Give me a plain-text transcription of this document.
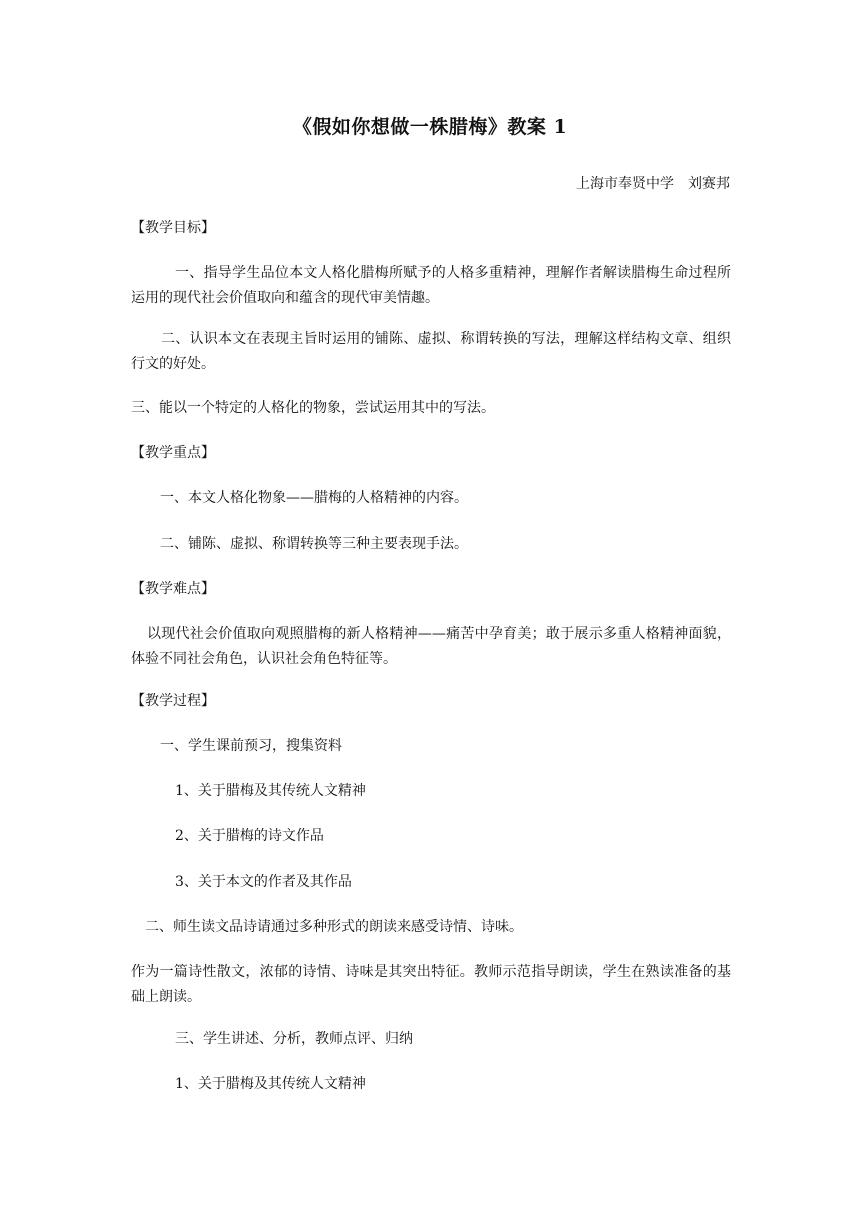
《假如你想做一株腊梅》教案 1
上海市奉贤中学　刘赛邦
【教学目标】
一、指导学生品位本文人格化腊梅所赋予的人格多重精神，理解作者解读腊梅生命过程所运用的现代社会价值取向和蕴含的现代审美情趣。
二、认识本文在表现主旨时运用的铺陈、虚拟、称谓转换的写法，理解这样结构文章、组织行文的好处。
三、能以一个特定的人格化的物象，尝试运用其中的写法。
【教学重点】
一、本文人格化物象——腊梅的人格精神的内容。
二、铺陈、虚拟、称谓转换等三种主要表现手法。
【教学难点】
以现代社会价值取向观照腊梅的新人格精神——痛苦中孕育美；敢于展示多重人格精神面貌，体验不同社会角色，认识社会角色特征等。
【教学过程】
一、学生课前预习，搜集资料
1、关于腊梅及其传统人文精神
2、关于腊梅的诗文作品
3、关于本文的作者及其作品
二、师生读文品诗请通过多种形式的朗读来感受诗情、诗味。
作为一篇诗性散文，浓郁的诗情、诗味是其突出特征。教师示范指导朗读，学生在熟读准备的基础上朗读。
三、学生讲述、分析，教师点评、归纳
1、关于腊梅及其传统人文精神
